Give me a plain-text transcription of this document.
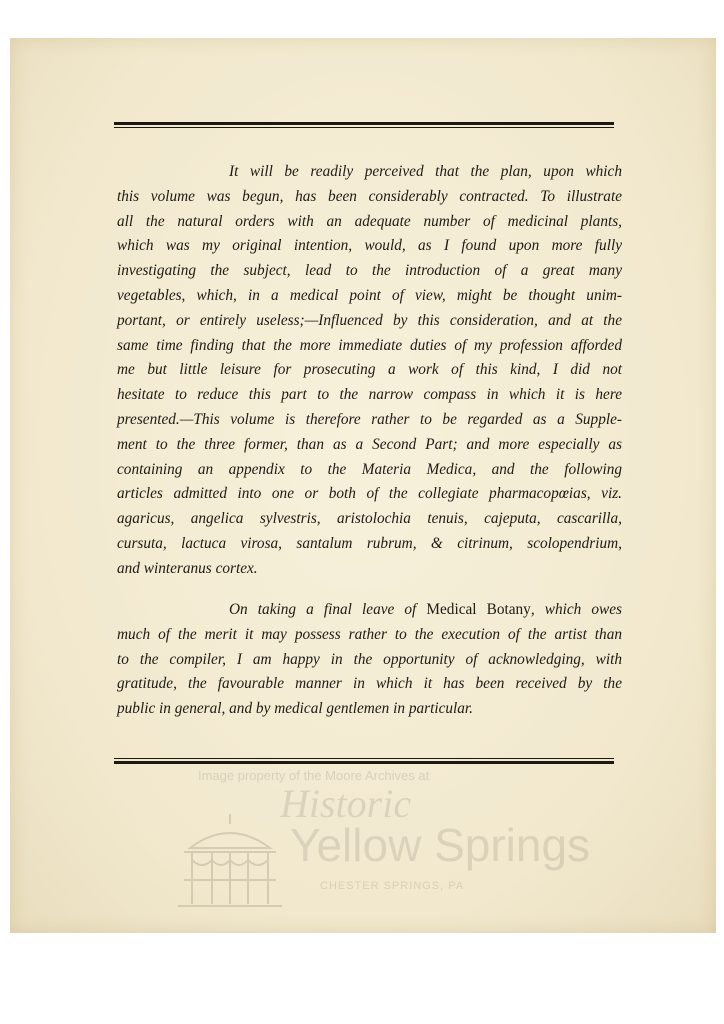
It will be readily perceived that the plan, upon which
this volume was begun, has been considerably contracted. To illustrate
all the natural orders with an adequate number of medicinal plants,
which was my original intention, would, as I found upon more fully
investigating the subject, lead to the introduction of a great many
vegetables, which, in a medical point of view, might be thought unim-
portant, or entirely useless;—Influenced by this consideration, and at the
same time finding that the more immediate duties of my profession afforded
me but little leisure for prosecuting a work of this kind, I did not
hesitate to reduce this part to the narrow compass in which it is here
presented.—This volume is therefore rather to be regarded as a Supple-
ment to the three former, than as a Second Part; and more especially as
containing an appendix to the Materia Medica, and the following
articles admitted into one or both of the collegiate pharmacopœias, viz.
agaricus, angelica sylvestris, aristolochia tenuis, cajeputa, cascarilla,
cursuta, lactuca virosa, santalum rubrum, & citrinum, scolopendrium,
and winteranus cortex.
On taking a final leave of Medical Botany, which owes
much of the merit it may possess rather to the execution of the artist than
to the compiler, I am happy in the opportunity of acknowledging, with
gratitude, the favourable manner in which it has been received by the
public in general, and by medical gentlemen in particular.
Image property of the Moore Archives at
Historic
Yellow Springs
CHESTER SPRINGS, PA
